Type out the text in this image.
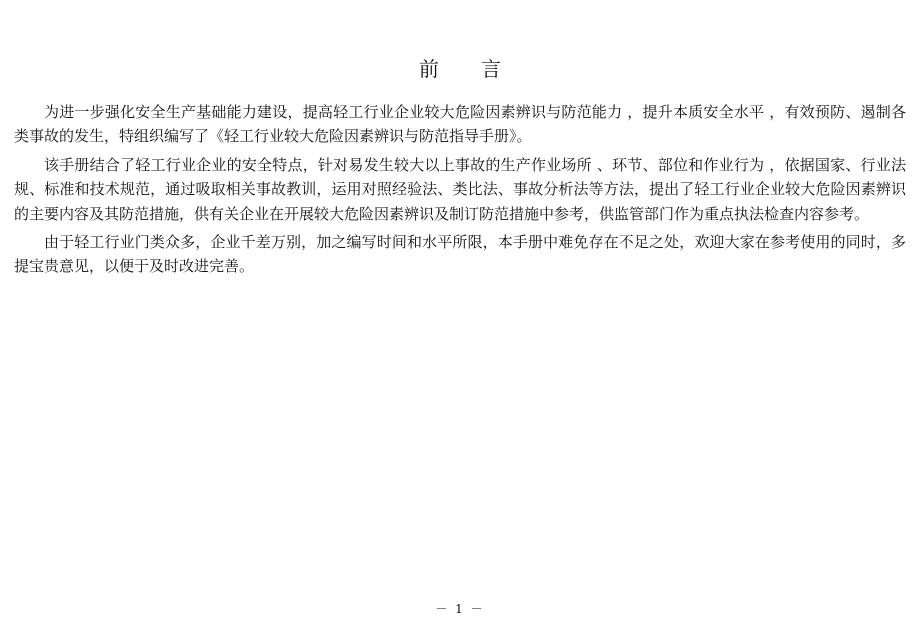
前 言

为进一步强化安全生产基础能力建设，提高轻工行业企业较大危险因素辨识与防范能力 ，提升本质安全水平 ，有效预防、遏制各类事故的发生，特组织编写了《轻工行业较大危险因素辨识与防范指导手册》。

该手册结合了轻工行业企业的安全特点，针对易发生较大以上事故的生产作业场所 、环节、部位和作业行为 ，依据国家、行业法规、标准和技术规范，通过吸取相关事故教训，运用对照经验法、类比法、事故分析法等方法，提出了轻工行业企业较大危险因素辨识的主要内容及其防范措施，供有关企业在开展较大危险因素辨识及制订防范措施中参考，供监管部门作为重点执法检查内容参考。

由于轻工行业门类众多，企业千差万别，加之编写时间和水平所限，本手册中难免存在不足之处，欢迎大家在参考使用的同时，多提宝贵意见，以便于及时改进完善。

－ 1 －
